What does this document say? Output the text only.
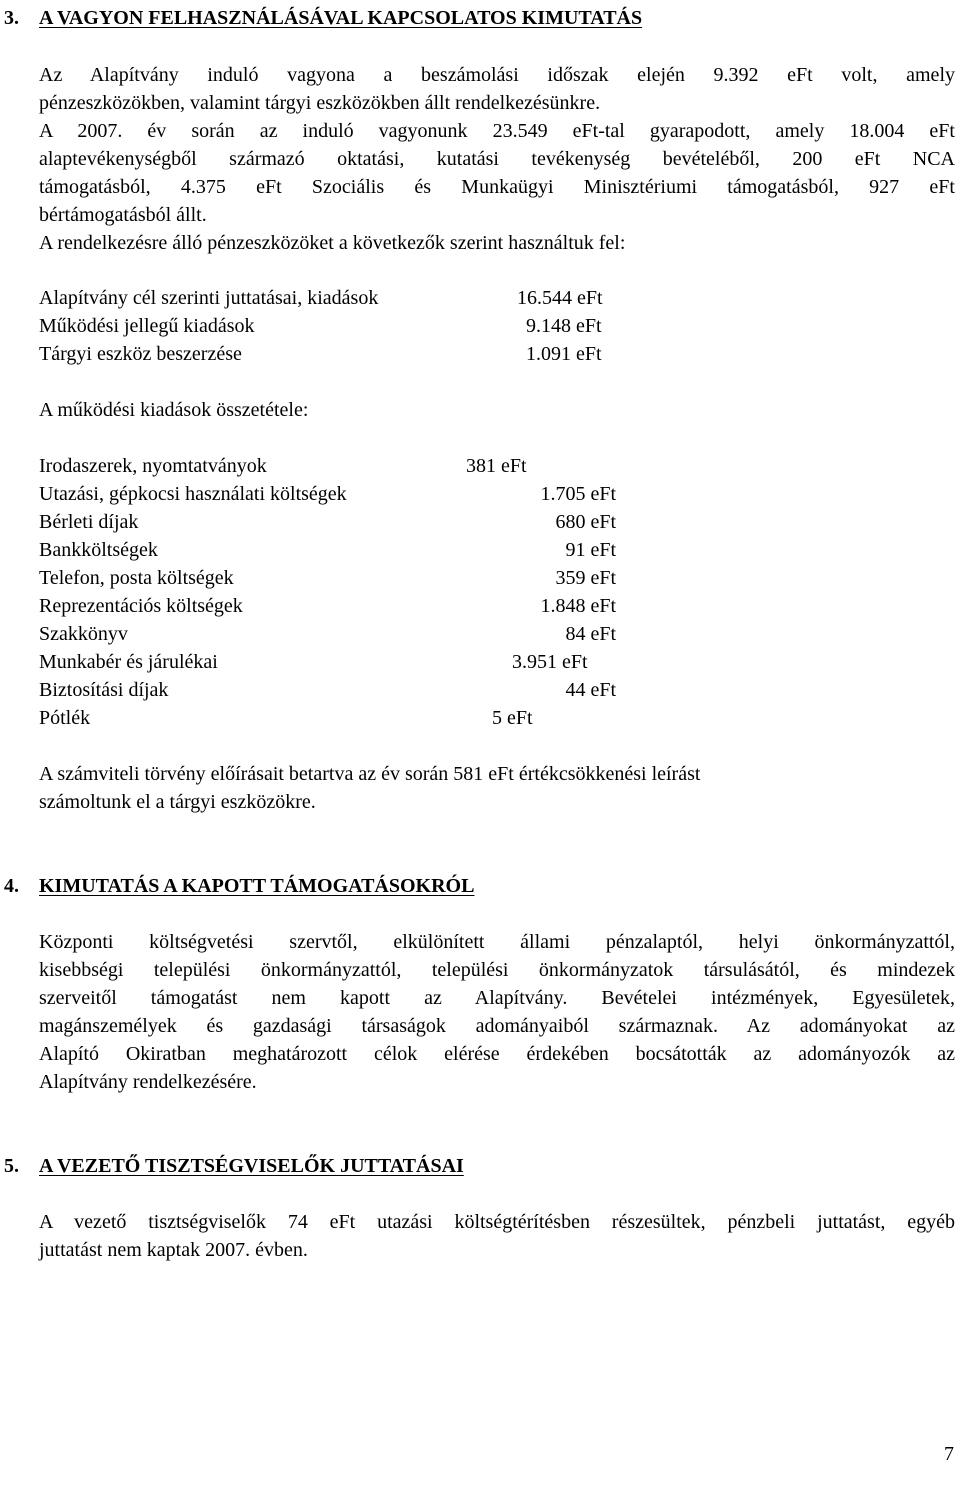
3. A VAGYON FELHASZNÁLÁSÁVAL KAPCSOLATOS KIMUTATÁS
Az Alapítvány induló vagyona a beszámolási időszak elején 9.392 eFt volt, amely
pénzeszközökben, valamint tárgyi eszközökben állt rendelkezésünkre.
A 2007. év során az induló vagyonunk 23.549 eFt-tal gyarapodott, amely 18.004 eFt
alaptevékenységből származó oktatási, kutatási tevékenység bevételéből, 200 eFt NCA
támogatásból, 4.375 eFt Szociális és Munkaügyi Minisztériumi támogatásból, 927 eFt
bértámogatásból állt.
A rendelkezésre álló pénzeszközöket a következők szerint használtuk fel:
Alapítvány cél szerinti juttatásai, kiadások	16.544 eFt
Működési jellegű kiadások	9.148 eFt
Tárgyi eszköz beszerzése	1.091 eFt
A működési kiadások összetétele:
Irodaszerek, nyomtatványok	381 eFt
Utazási, gépkocsi használati költségek	1.705 eFt
Bérleti díjak	680 eFt
Bankköltségek	91 eFt
Telefon, posta költségek	359 eFt
Reprezentációs költségek	1.848 eFt
Szakkönyv	84 eFt
Munkabér és járulékai	3.951 eFt
Biztosítási díjak	44 eFt
Pótlék	5 eFt
A számviteli törvény előírásait betartva az év során 581 eFt értékcsökkenési leírást
számoltunk el a tárgyi eszközökre.
4. KIMUTATÁS A KAPOTT TÁMOGATÁSOKRÓL
Központi költségvetési szervtől, elkülönített állami pénzalaptól, helyi önkormányzattól,
kisebbségi települési önkormányzattól, települési önkormányzatok társulásától, és mindezek
szerveitől támogatást nem kapott az Alapítvány. Bevételei intézmények, Egyesületek,
magánszemélyek és gazdasági társaságok adományaiból származnak. Az adományokat az
Alapító Okiratban meghatározott célok elérése érdekében bocsátották az adományozók az
Alapítvány rendelkezésére.
5. A VEZETŐ TISZTSÉGVISELŐK JUTTATÁSAI
A vezető tisztségviselők 74 eFt utazási költségtérítésben részesültek, pénzbeli juttatást, egyéb
juttatást nem kaptak 2007. évben.
7
